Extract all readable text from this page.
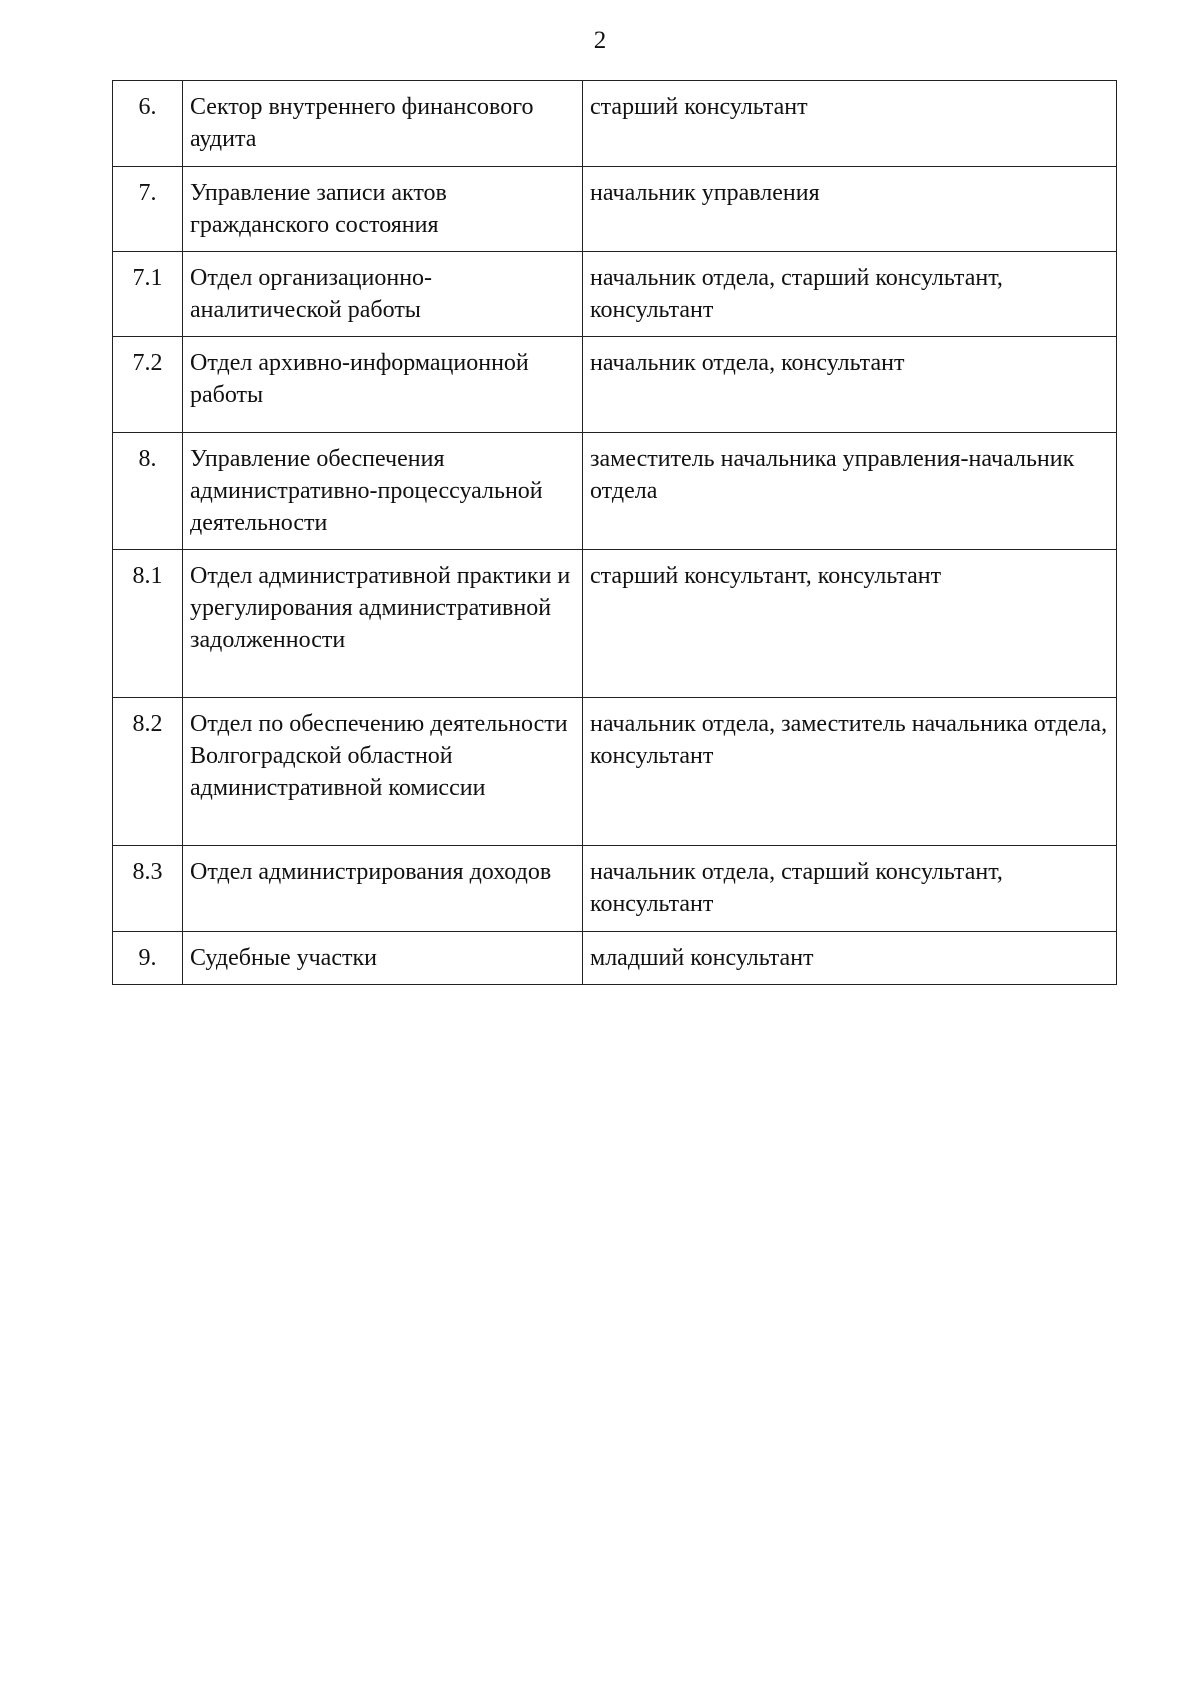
2
6.	Сектор внутреннего финансового аудита	старший консультант
7.	Управление записи актов гражданского состояния	начальник управления
7.1	Отдел организационно-аналитической работы	начальник отдела, старший консультант, консультант
7.2	Отдел архивно-информационной работы	начальник отдела, консультант
8.	Управление обеспечения административно-процессуальной деятельности	заместитель начальника управления-начальник отдела
8.1	Отдел административной практики и урегулирования административной задолженности	старший консультант, консультант
8.2	Отдел по обеспечению деятельности Волгоградской областной административной комиссии	начальник отдела, заместитель начальника отдела, консультант
8.3	Отдел администрирования доходов	начальник отдела, старший консультант, консультант
9.	Судебные участки	младший консультант
